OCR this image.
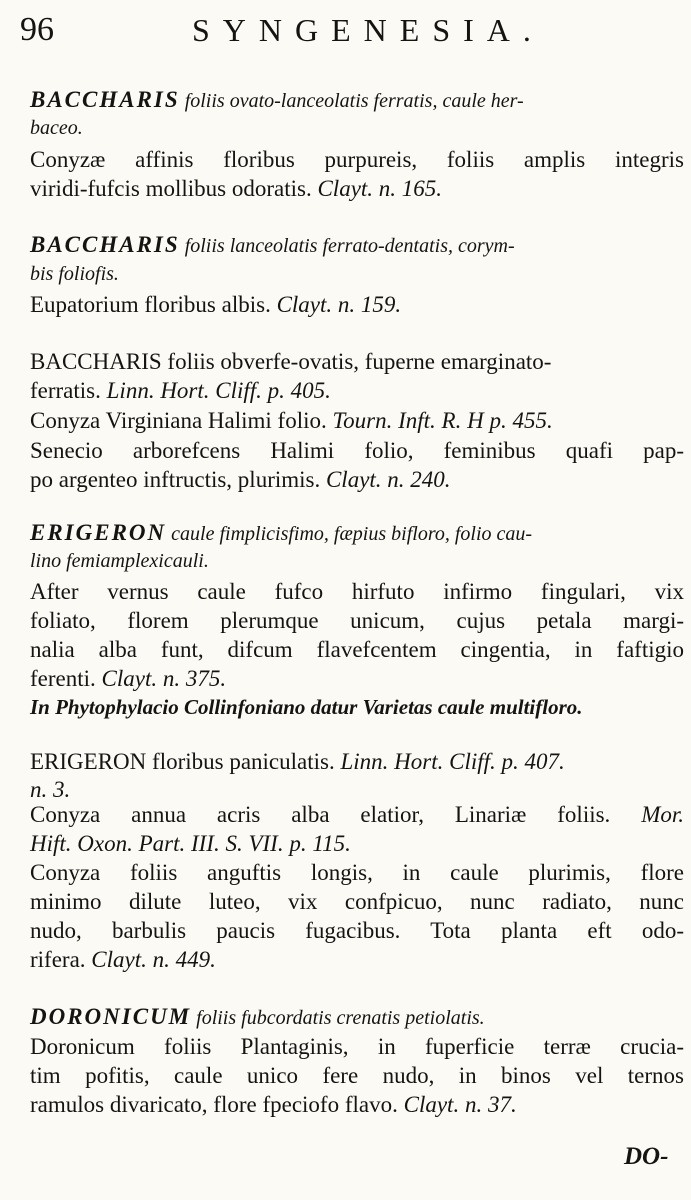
96	SYNGENESIA.
BACCHARIS foliis ovato-lanceolatis ferratis, caule her-
baceo.
Conyzæ affinis floribus purpureis, foliis amplis integris
viridi-fufcis mollibus odoratis. Clayt. n. 165.
BACCHARIS foliis lanceolatis ferrato-dentatis, corym-
bis foliofis.
Eupatorium floribus albis. Clayt. n. 159.
BACCHARIS foliis obverfe-ovatis, fuperne emarginato-
ferratis. Linn. Hort. Cliff. p. 405.
Conyza Virginiana Halimi folio. Tourn. Inft. R. H p. 455.
Senecio arborefcens Halimi folio, feminibus quafi pap-
po argenteo inftructis, plurimis. Clayt. n. 240.
ERIGERON caule fimplicisfimo, fæpius bifloro, folio cau-
lino femiamplexicauli.
After vernus caule fufco hirfuto infirmo fingulari, vix
foliato, florem plerumque unicum, cujus petala margi-
nalia alba funt, difcum flavefcentem cingentia, in faftigio
ferenti. Clayt. n. 375.
In Phytophylacio Collinfoniano datur Varietas caule multifloro.
ERIGERON floribus paniculatis. Linn. Hort. Cliff. p. 407.
n. 3.
Conyza annua acris alba elatior, Linariæ foliis. Mor.
Hift. Oxon. Part. III. S. VII. p. 115.
Conyza foliis anguftis longis, in caule plurimis, flore
minimo dilute luteo, vix confpicuo, nunc radiato, nunc
nudo, barbulis paucis fugacibus. Tota planta eft odo-
rifera. Clayt. n. 449.
DORONICUM foliis fubcordatis crenatis petiolatis.
Doronicum foliis Plantaginis, in fuperficie terræ crucia-
tim pofitis, caule unico fere nudo, in binos vel ternos
ramulos divaricato, flore fpeciofo flavo. Clayt. n. 37.
DO-
